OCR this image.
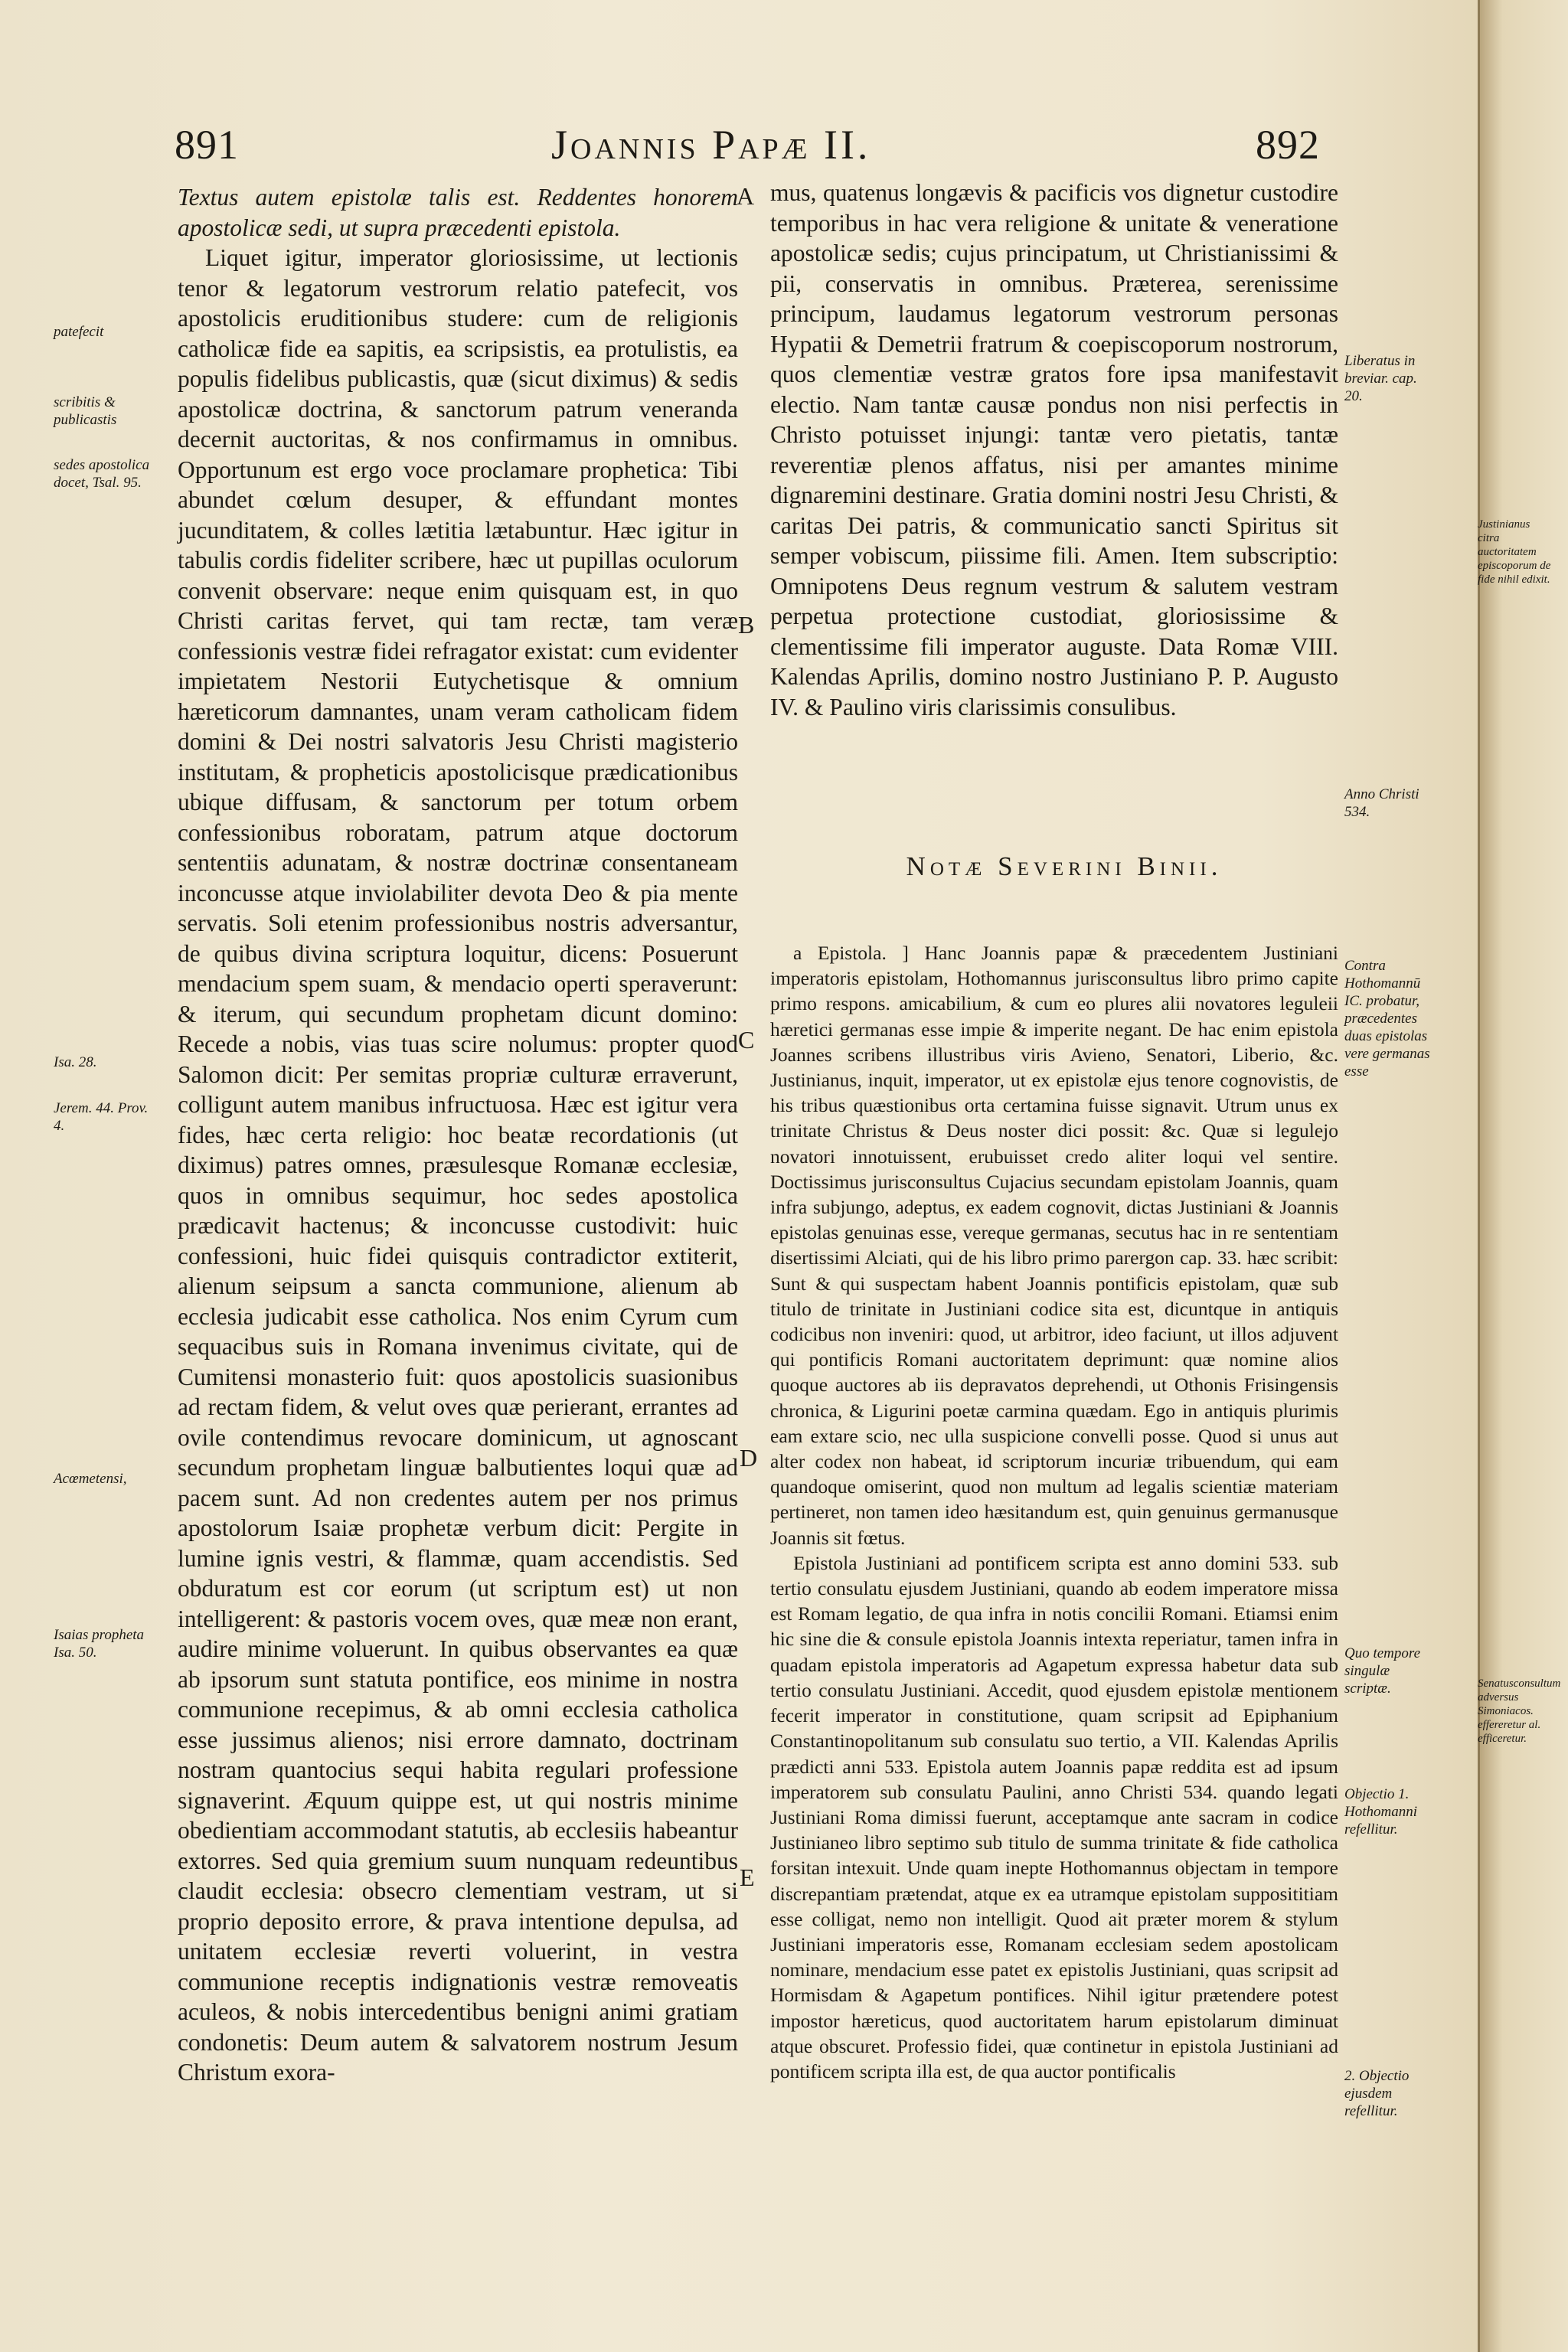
891	Joannis Papæ II.	892
A
B
C
D
E

Textus autem epistolæ talis est. Reddentes honorem apostolicæ sedi, ut supra præcedenti epistola.

Liquet igitur, imperator gloriosissime, ut lectionis tenor & legatorum vestrorum relatio patefecit, vos apostolicis eruditionibus studere: cum de religionis catholicæ fide ea sapitis, ea scripsistis, ea protulistis, ea populis fidelibus publicastis, quæ (sicut diximus) & sedis apostolicæ doctrina, & sanctorum patrum veneranda decernit auctoritas, & nos confirmamus in omnibus. Opportunum est ergo voce proclamare prophetica: Tibi abundet cœlum desuper, & effundant montes jucunditatem, & colles lætitia lætabuntur. Hæc igitur in tabulis cordis fideliter scribere, hæc ut pupillas oculorum convenit observare: neque enim quisquam est, in quo Christi caritas fervet, qui tam rectæ, tam veræ confessionis vestræ fidei refragator existat: cum evidenter impietatem Nestorii Eutychetisque & omnium hæreticorum damnantes, unam veram catholicam fidem domini & Dei nostri salvatoris Jesu Christi magisterio institutam, & propheticis apostolicisque prædicationibus ubique diffusam, & sanctorum per totum orbem confessionibus roboratam, patrum atque doctorum sententiis adunatam, & nostræ doctrinæ consentaneam inconcusse atque inviolabiliter devota Deo & pia mente servatis. Soli etenim professionibus nostris adversantur, de quibus divina scriptura loquitur, dicens: Posuerunt mendacium spem suam, & mendacio operti speraverunt: & iterum, qui secundum prophetam dicunt domino: Recede a nobis, vias tuas scire nolumus: propter quod Salomon dicit: Per semitas propriæ culturæ erraverunt, colligunt autem manibus infructuosa. Hæc est igitur vera fides, hæc certa religio: hoc beatæ recordationis (ut diximus) patres omnes, præsulesque Romanæ ecclesiæ, quos in omnibus sequimur, hoc sedes apostolica prædicavit hactenus; & inconcusse custodivit: huic confessioni, huic fidei quisquis contradictor extiterit, alienum seipsum a sancta communione, alienum ab ecclesia judicabit esse catholica. Nos enim Cyrum cum sequacibus suis in Romana invenimus civitate, qui de Cumitensi monasterio fuit: quos apostolicis suasionibus ad rectam fidem, & velut oves quæ perierant, errantes ad ovile contendimus revocare dominicum, ut agnoscant secundum prophetam linguæ balbutientes loqui quæ ad pacem sunt. Ad non credentes autem per nos primus apostolorum Isaiæ prophetæ verbum dicit: Pergite in lumine ignis vestri, & flammæ, quam accendistis. Sed obduratum est cor eorum (ut scriptum est) ut non intelligerent: & pastoris vocem oves, quæ meæ non erant, audire minime voluerunt. In quibus observantes ea quæ ab ipsorum sunt statuta pontifice, eos minime in nostra communione recepimus, & ab omni ecclesia catholica esse jussimus alienos; nisi errore damnato, doctrinam nostram quantocius sequi habita regulari professione signaverint. Æquum quippe est, ut qui nostris minime obedientiam accommodant statutis, ab ecclesiis habeantur extorres. Sed quia gremium suum nunquam redeuntibus claudit ecclesia: obsecro clementiam vestram, ut si proprio deposito errore, & prava intentione depulsa, ad unitatem ecclesiæ reverti voluerint, in vestra communione receptis indignationis vestræ removeatis aculeos, & nobis intercedentibus benigni animi gratiam condonetis: Deum autem & salvatorem nostrum Jesum Christum exora-

mus, quatenus longævis & pacificis vos dignetur custodire temporibus in hac vera religione & unitate & veneratione apostolicæ sedis; cujus principatum, ut Christianissimi & pii, conservatis in omnibus. Præterea, serenissime principum, laudamus legatorum vestrorum personas Hypatii & Demetrii fratrum & coepiscoporum nostrorum, quos clementiæ vestræ gratos fore ipsa manifestavit electio. Nam tantæ causæ pondus non nisi perfectis in Christo potuisset injungi: tantæ vero pietatis, tantæ reverentiæ plenos affatus, nisi per amantes minime dignaremini destinare. Gratia domini nostri Jesu Christi, & caritas Dei patris, & communicatio sancti Spiritus sit semper vobiscum, piissime fili. Amen. Item subscriptio: Omnipotens Deus regnum vestrum & salutem vestram perpetua protectione custodiat, gloriosissime & clementissime fili imperator auguste. Data Romæ VIII. Kalendas Aprilis, domino nostro Justiniano P. P. Augusto IV. & Paulino viris clarissimis consulibus.

Notæ Severini Binii.

a Epistola. ] Hanc Joannis papæ & præcedentem Justiniani imperatoris epistolam, Hothomannus jurisconsultus libro primo capite primo respons. amicabilium, & cum eo plures alii novatores leguleii hæretici germanas esse impie & imperite negant. De hac enim epistola Joannes scribens illustribus viris Avieno, Senatori, Liberio, &c. Justinianus, inquit, imperator, ut ex epistolæ ejus tenore cognovistis, de his tribus quæstionibus orta certamina fuisse signavit. Utrum unus ex trinitate Christus & Deus noster dici possit: &c. Quæ si legulejo novatori innotuissent, erubuisset credo aliter loqui vel sentire. Doctissimus jurisconsultus Cujacius secundam epistolam Joannis, quam infra subjungo, adeptus, ex eadem cognovit, dictas Justiniani & Joannis epistolas genuinas esse, vereque germanas, secutus hac in re sententiam disertissimi Alciati, qui de his libro primo parergon cap. 33. hæc scribit: Sunt & qui suspectam habent Joannis pontificis epistolam, quæ sub titulo de trinitate in Justiniani codice sita est, dicuntque in antiquis codicibus non inveniri: quod, ut arbitror, ideo faciunt, ut illos adjuvent qui pontificis Romani auctoritatem deprimunt: quæ nomine alios quoque auctores ab iis depravatos deprehendi, ut Othonis Frisingensis chronica, & Ligurini poetæ carmina quædam. Ego in antiquis plurimis eam extare scio, nec ulla suspicione convelli posse. Quod si unus aut alter codex non habeat, id scriptorum incuriæ tribuendum, qui eam quandoque omiserint, quod non multum ad legalis scientiæ materiam pertineret, non tamen ideo hæsitandum est, quin genuinus germanusque Joannis sit fœtus.

Epistola Justiniani ad pontificem scripta est anno domini 533. sub tertio consulatu ejusdem Justiniani, quando ab eodem imperatore missa est Romam legatio, de qua infra in notis concilii Romani. Etiamsi enim hic sine die & consule epistola Joannis intexta reperiatur, tamen infra in quadam epistola imperatoris ad Agapetum expressa habetur data sub tertio consulatu Justiniani. Accedit, quod ejusdem epistolæ mentionem fecerit imperator in constitutione, quam scripsit ad Epiphanium Constantinopolitanum sub consulatu suo tertio, a VII. Kalendas Aprilis prædicti anni 533. Epistola autem Joannis papæ reddita est ad ipsum imperatorem sub consulatu Paulini, anno Christi 534. quando legati Justiniani Roma dimissi fuerunt, acceptamque ante sacram in codice Justinianeo libro septimo sub titulo de summa trinitate & fide catholica forsitan intexuit. Unde quam inepte Hothomannus objectam in tempore discrepantiam prætendat, atque ex ea utramque epistolam supposititiam esse colligat, nemo non intelligit. Quod ait præter morem & stylum Justiniani imperatoris esse, Romanam ecclesiam sedem apostolicam nominare, mendacium esse patet ex epistolis Justiniani, quas scripsit ad Hormisdam & Agapetum pontifices. Nihil igitur prætendere potest impostor hæreticus, quod auctoritatem harum epistolarum diminuat atque obscuret. Professio fidei, quæ continetur in epistola Justiniani ad pontificem scripta illa est, de qua auctor pontificalis

patefecit
scribitis & publicastis
sedes apostolica docet, Tsal. 95.
Isa. 28.
Jerem. 44. Prov. 4.
Acœmetensi,
Isaias propheta Isa. 50.
Liberatus in breviar. cap. 20.
Anno Christi 534.
Contra Hothomannū IC. probatur, præcedentes duas epistolas vere germanas esse
Quo tempore singulæ scriptæ.
Objectio 1. Hothomanni refellitur.
2. Objectio ejusdem refellitur.
Justinianus citra auctoritatem episcoporum de fide nihil edixit.
Senatusconsultum adversus Simoniacos. effereretur al. efficeretur.
